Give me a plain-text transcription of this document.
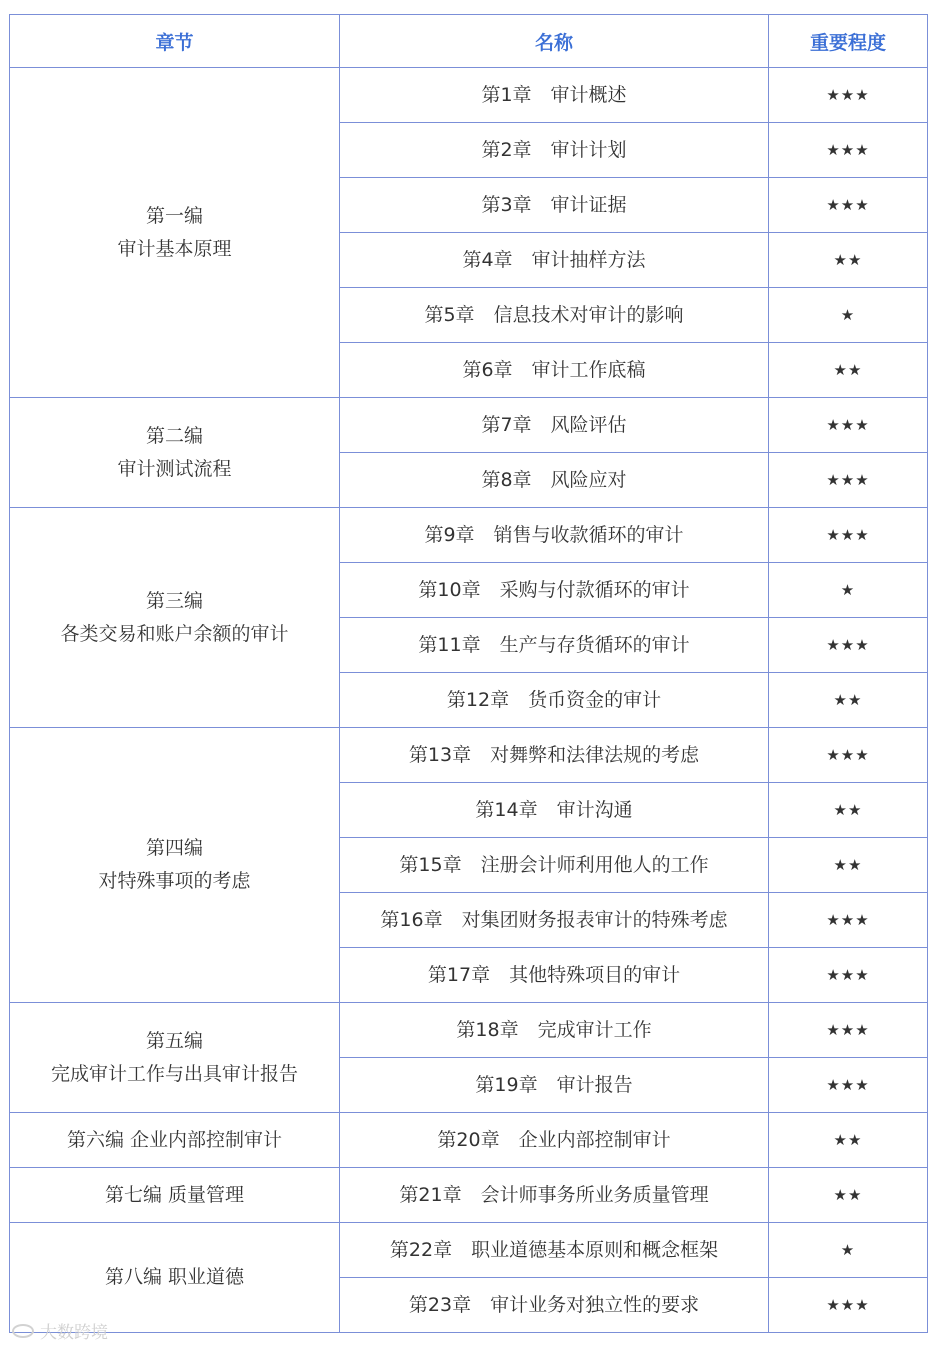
章节	名称	重要程度

第一编
审计基本原理	第1章　审计概述	★★★
	第2章　审计计划	★★★
	第3章　审计证据	★★★
	第4章　审计抽样方法	★★
	第5章　信息技术对审计的影响	★
	第6章　审计工作底稿	★★

第二编
审计测试流程	第7章　风险评估	★★★
	第8章　风险应对	★★★

第三编
各类交易和账户余额的审计	第9章　销售与收款循环的审计	★★★
	第10章　采购与付款循环的审计	★
	第11章　生产与存货循环的审计	★★★
	第12章　货币资金的审计	★★

第四编
对特殊事项的考虑	第13章　对舞弊和法律法规的考虑	★★★
	第14章　审计沟通	★★
	第15章　注册会计师利用他人的工作	★★
	第16章　对集团财务报表审计的特殊考虑	★★★
	第17章　其他特殊项目的审计	★★★

第五编
完成审计工作与出具审计报告	第18章　完成审计工作	★★★
	第19章　审计报告	★★★

第六编 企业内部控制审计	第20章　企业内部控制审计	★★

第七编 质量管理	第21章　会计师事务所业务质量管理	★★

第八编 职业道德	第22章　职业道德基本原则和概念框架	★
	第23章　审计业务对独立性的要求	★★★
大数跨境
